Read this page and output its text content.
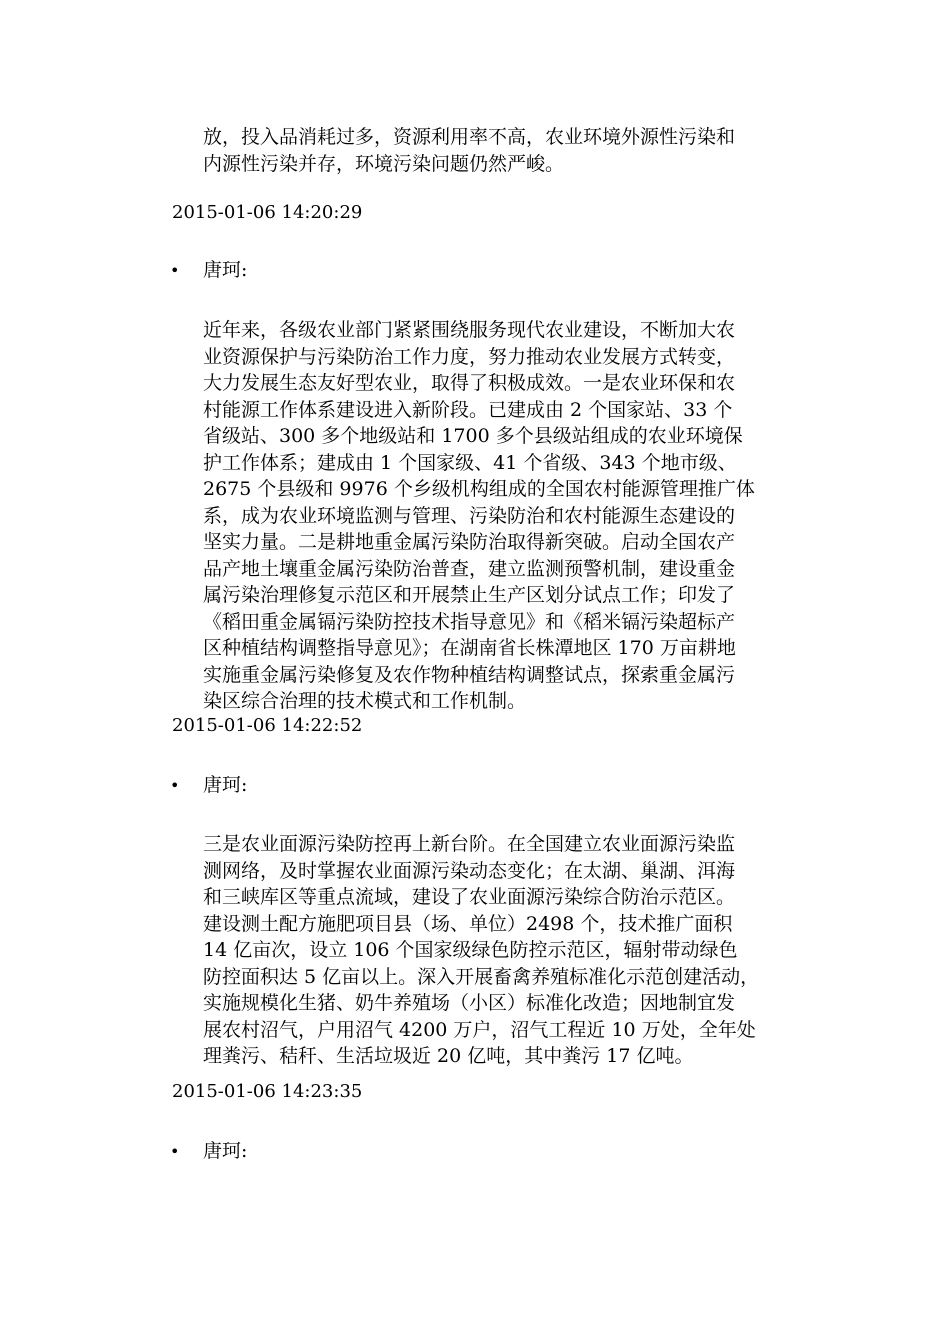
放，投入品消耗过多，资源利用率不高，农业环境外源性污染和
内源性污染并存，环境污染问题仍然严峻。
2015-01-06 14:20:29
• 唐珂:
近年来，各级农业部门紧紧围绕服务现代农业建设，不断加大农
业资源保护与污染防治工作力度，努力推动农业发展方式转变，
大力发展生态友好型农业，取得了积极成效。一是农业环保和农
村能源工作体系建设进入新阶段。已建成由 2 个国家站、33 个
省级站、300 多个地级站和 1700 多个县级站组成的农业环境保
护工作体系；建成由 1 个国家级、41 个省级、343 个地市级、
2675 个县级和 9976 个乡级机构组成的全国农村能源管理推广体
系，成为农业环境监测与管理、污染防治和农村能源生态建设的
坚实力量。二是耕地重金属污染防治取得新突破。启动全国农产
品产地土壤重金属污染防治普查，建立监测预警机制，建设重金
属污染治理修复示范区和开展禁止生产区划分试点工作；印发了
《稻田重金属镉污染防控技术指导意见》和《稻米镉污染超标产
区种植结构调整指导意见》；在湖南省长株潭地区 170 万亩耕地
实施重金属污染修复及农作物种植结构调整试点，探索重金属污
染区综合治理的技术模式和工作机制。
2015-01-06 14:22:52
• 唐珂:
三是农业面源污染防控再上新台阶。在全国建立农业面源污染监
测网络，及时掌握农业面源污染动态变化；在太湖、巢湖、洱海
和三峡库区等重点流域，建设了农业面源污染综合防治示范区。
建设测土配方施肥项目县（场、单位）2498 个，技术推广面积
14 亿亩次，设立 106 个国家级绿色防控示范区，辐射带动绿色
防控面积达 5 亿亩以上。深入开展畜禽养殖标准化示范创建活动，
实施规模化生猪、奶牛养殖场（小区）标准化改造；因地制宜发
展农村沼气，户用沼气 4200 万户，沼气工程近 10 万处，全年处
理粪污、秸秆、生活垃圾近 20 亿吨，其中粪污 17 亿吨。
2015-01-06 14:23:35
• 唐珂:
